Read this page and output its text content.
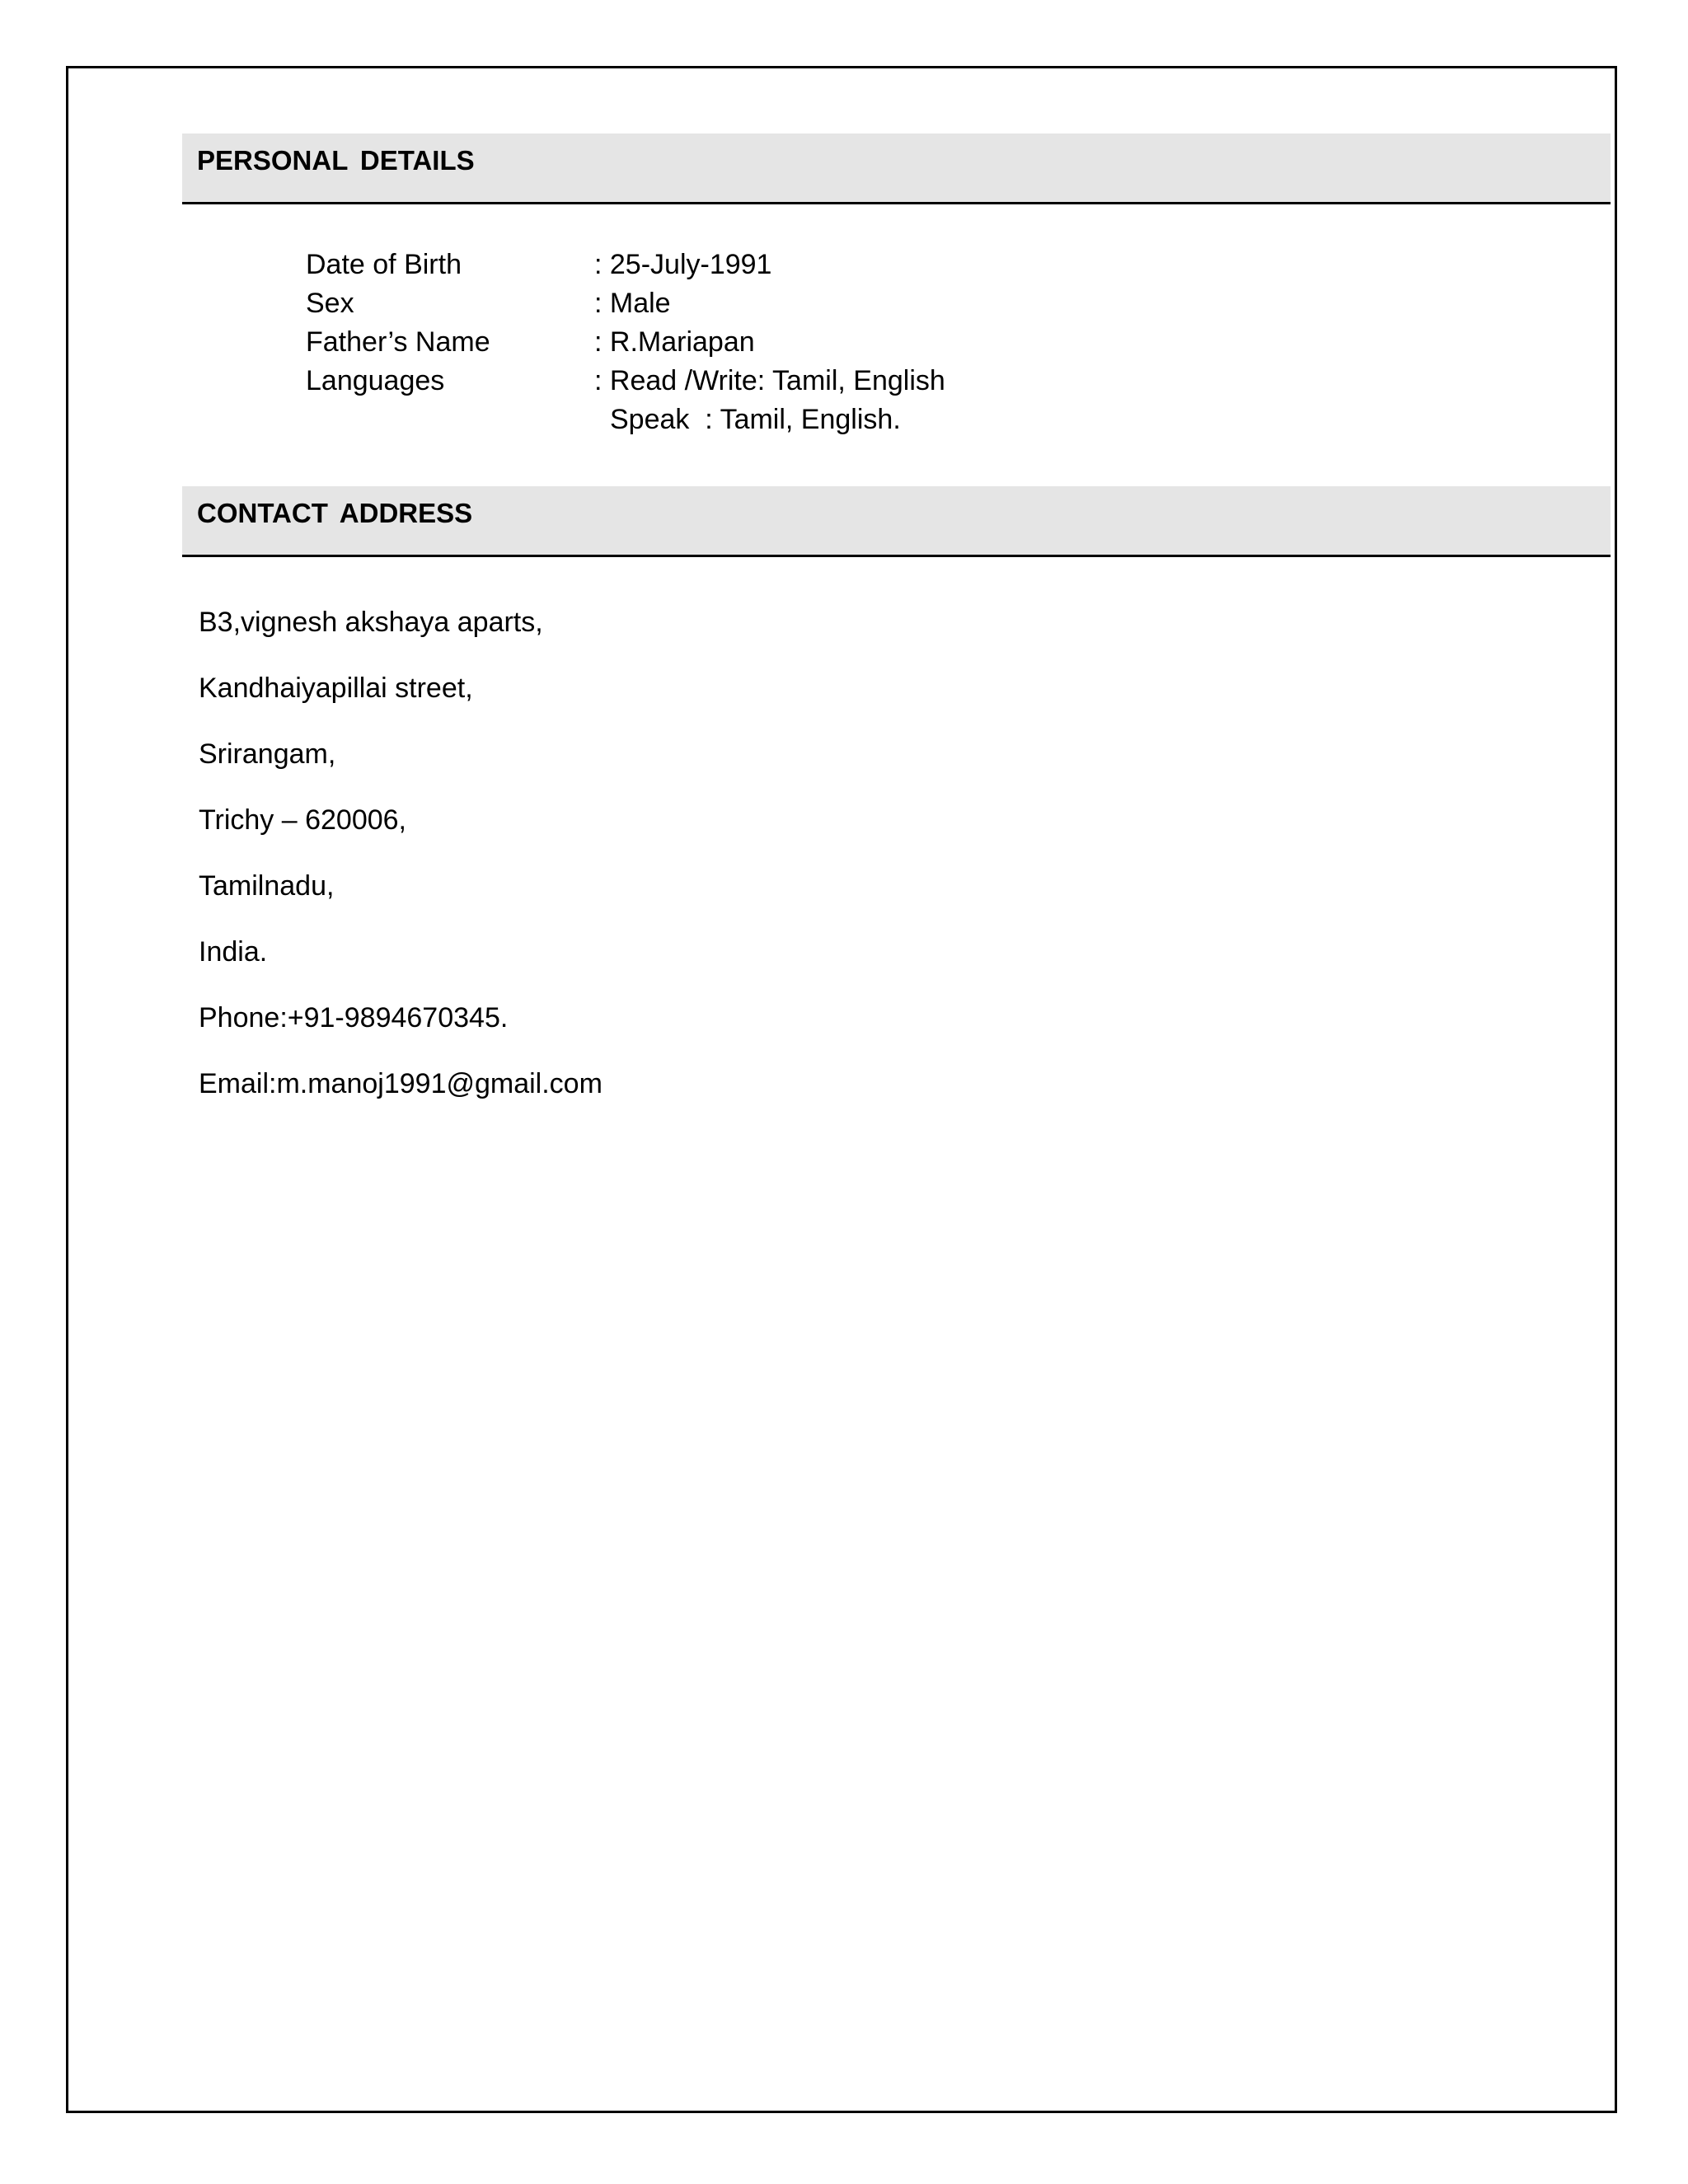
PERSONAL DETAILS
Date of Birth	: 25-July-1991
Sex	: Male
Father’s Name	: R.Mariapan
Languages	: Read /Write: Tamil, English
Speak  : Tamil, English.
CONTACT ADDRESS
B3,vignesh akshaya aparts,
Kandhaiyapillai street,
Srirangam,
Trichy – 620006,
Tamilnadu,
India.
Phone:+91-9894670345.
Email:m.manoj1991@gmail.com
